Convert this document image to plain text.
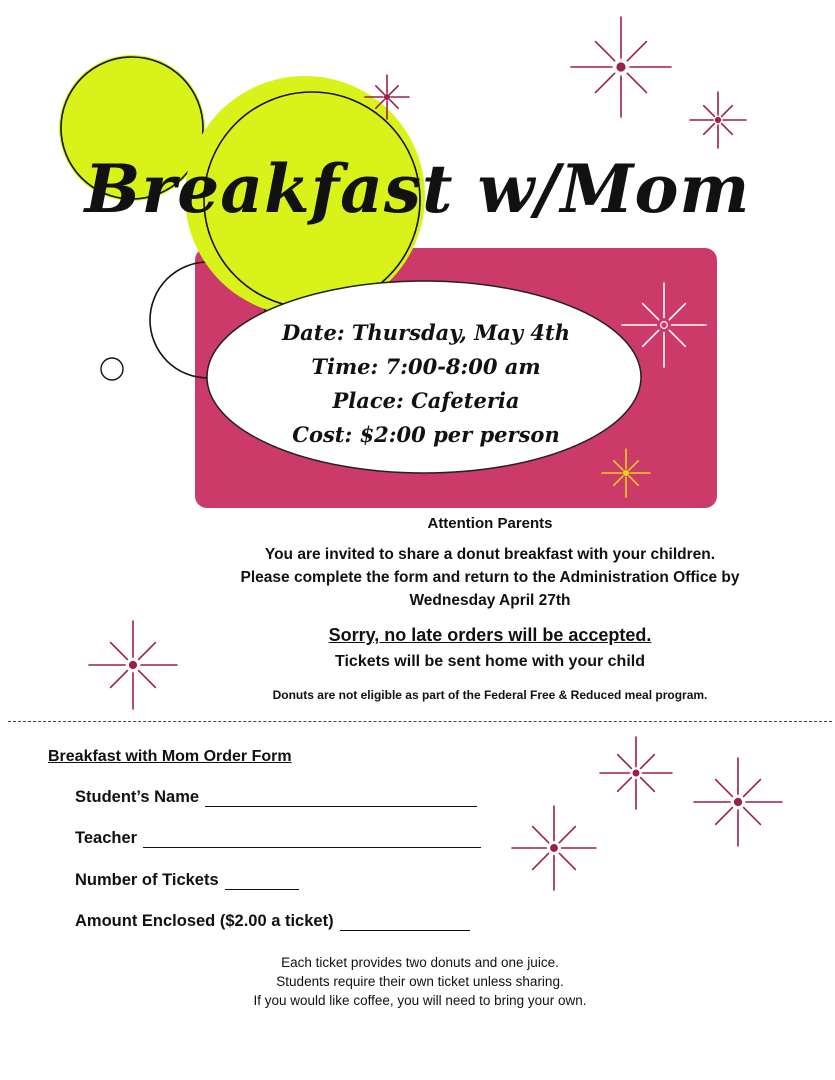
Breakfast w/Mom
Date: Thursday, May 4th
Time: 7:00-8:00 am
Place: Cafeteria
Cost: $2:00 per person
Attention Parents
You are invited to share a donut breakfast with your children.
Please complete the form and return to the Administration Office by
Wednesday April 27th
Sorry, no late orders will be accepted.
Tickets will be sent home with your child
Donuts are not eligible as part of the Federal Free & Reduced meal program.
Breakfast with Mom Order Form
Student’s Name
Teacher
Number of Tickets
Amount Enclosed ($2.00 a ticket)
Each ticket provides two donuts and one juice.
Students require their own ticket unless sharing.
If you would like coffee, you will need to bring your own.
